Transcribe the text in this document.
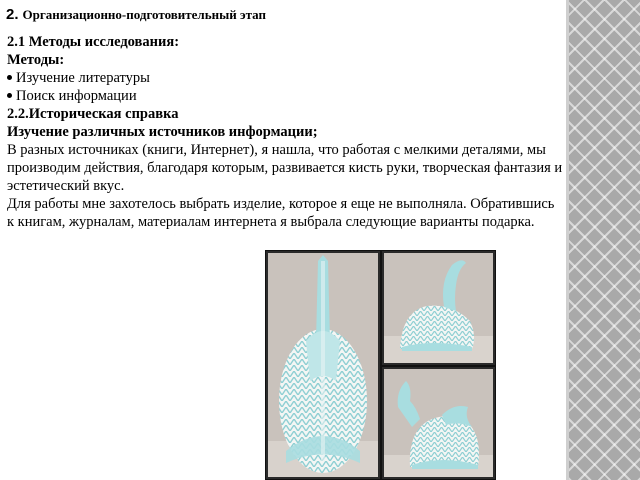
2. Организационно-подготовительный этап
2.1 Методы исследования:
Методы:
Изучение литературы
Поиск информации
2.2.Историческая справка
Изучение различных источников информации;

В разных источниках (книги, Интернет), я нашла, что работая с мелкими деталями, мы производим действия, благодаря которым, развивается кисть руки, творческая фантазия и эстетический вкус.

Для работы мне захотелось выбрать изделие, которое я еще не выполняла. Обратившись к книгам, журналам, материалам интернета я выбрала следующие варианты подарка.
